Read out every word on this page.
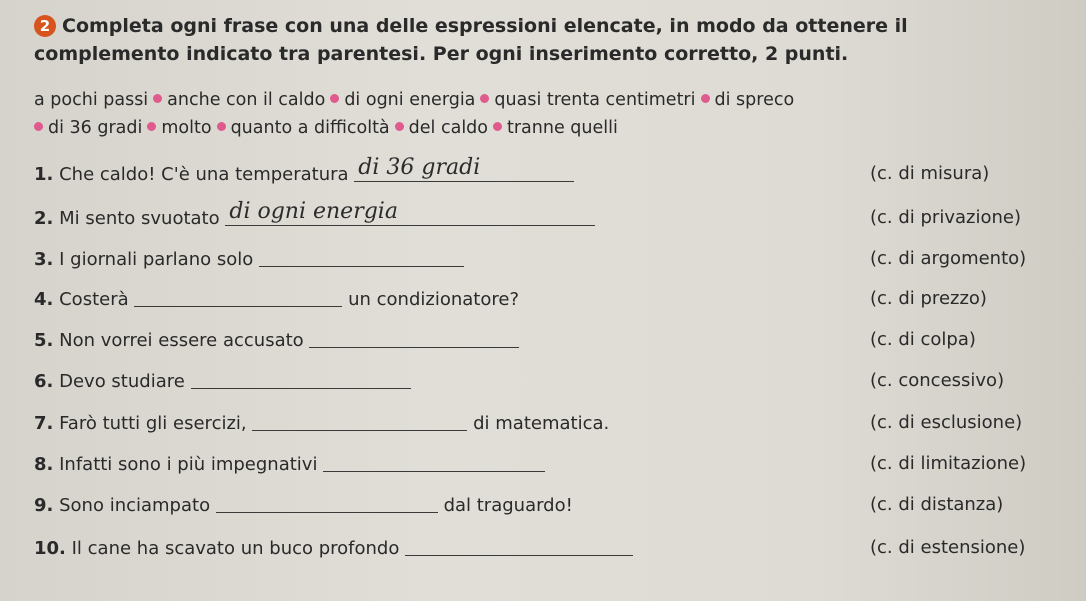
2 Completa ogni frase con una delle espressioni elencate, in modo da ottenere il
complemento indicato tra parentesi. Per ogni inserimento corretto, 2 punti.
a pochi passi anche con il caldo di ogni energia quasi trenta centimetri di spreco
di 36 gradi molto quanto a difficoltà del caldo tranne quelli
1. Che caldo! C'è una temperatura di 36 gradi	(c. di misura)
2. Mi sento svuotato di ogni energia	(c. di privazione)
3. I giornali parlano solo	(c. di argomento)
4. Costerà	un condizionatore?	(c. di prezzo)
5. Non vorrei essere accusato	(c. di colpa)
6. Devo studiare	(c. concessivo)
7. Farò tutti gli esercizi,	di matematica.	(c. di esclusione)
8. Infatti sono i più impegnativi	(c. di limitazione)
9. Sono inciampato	dal traguardo!	(c. di distanza)
10. Il cane ha scavato un buco profondo	(c. di estensione)
